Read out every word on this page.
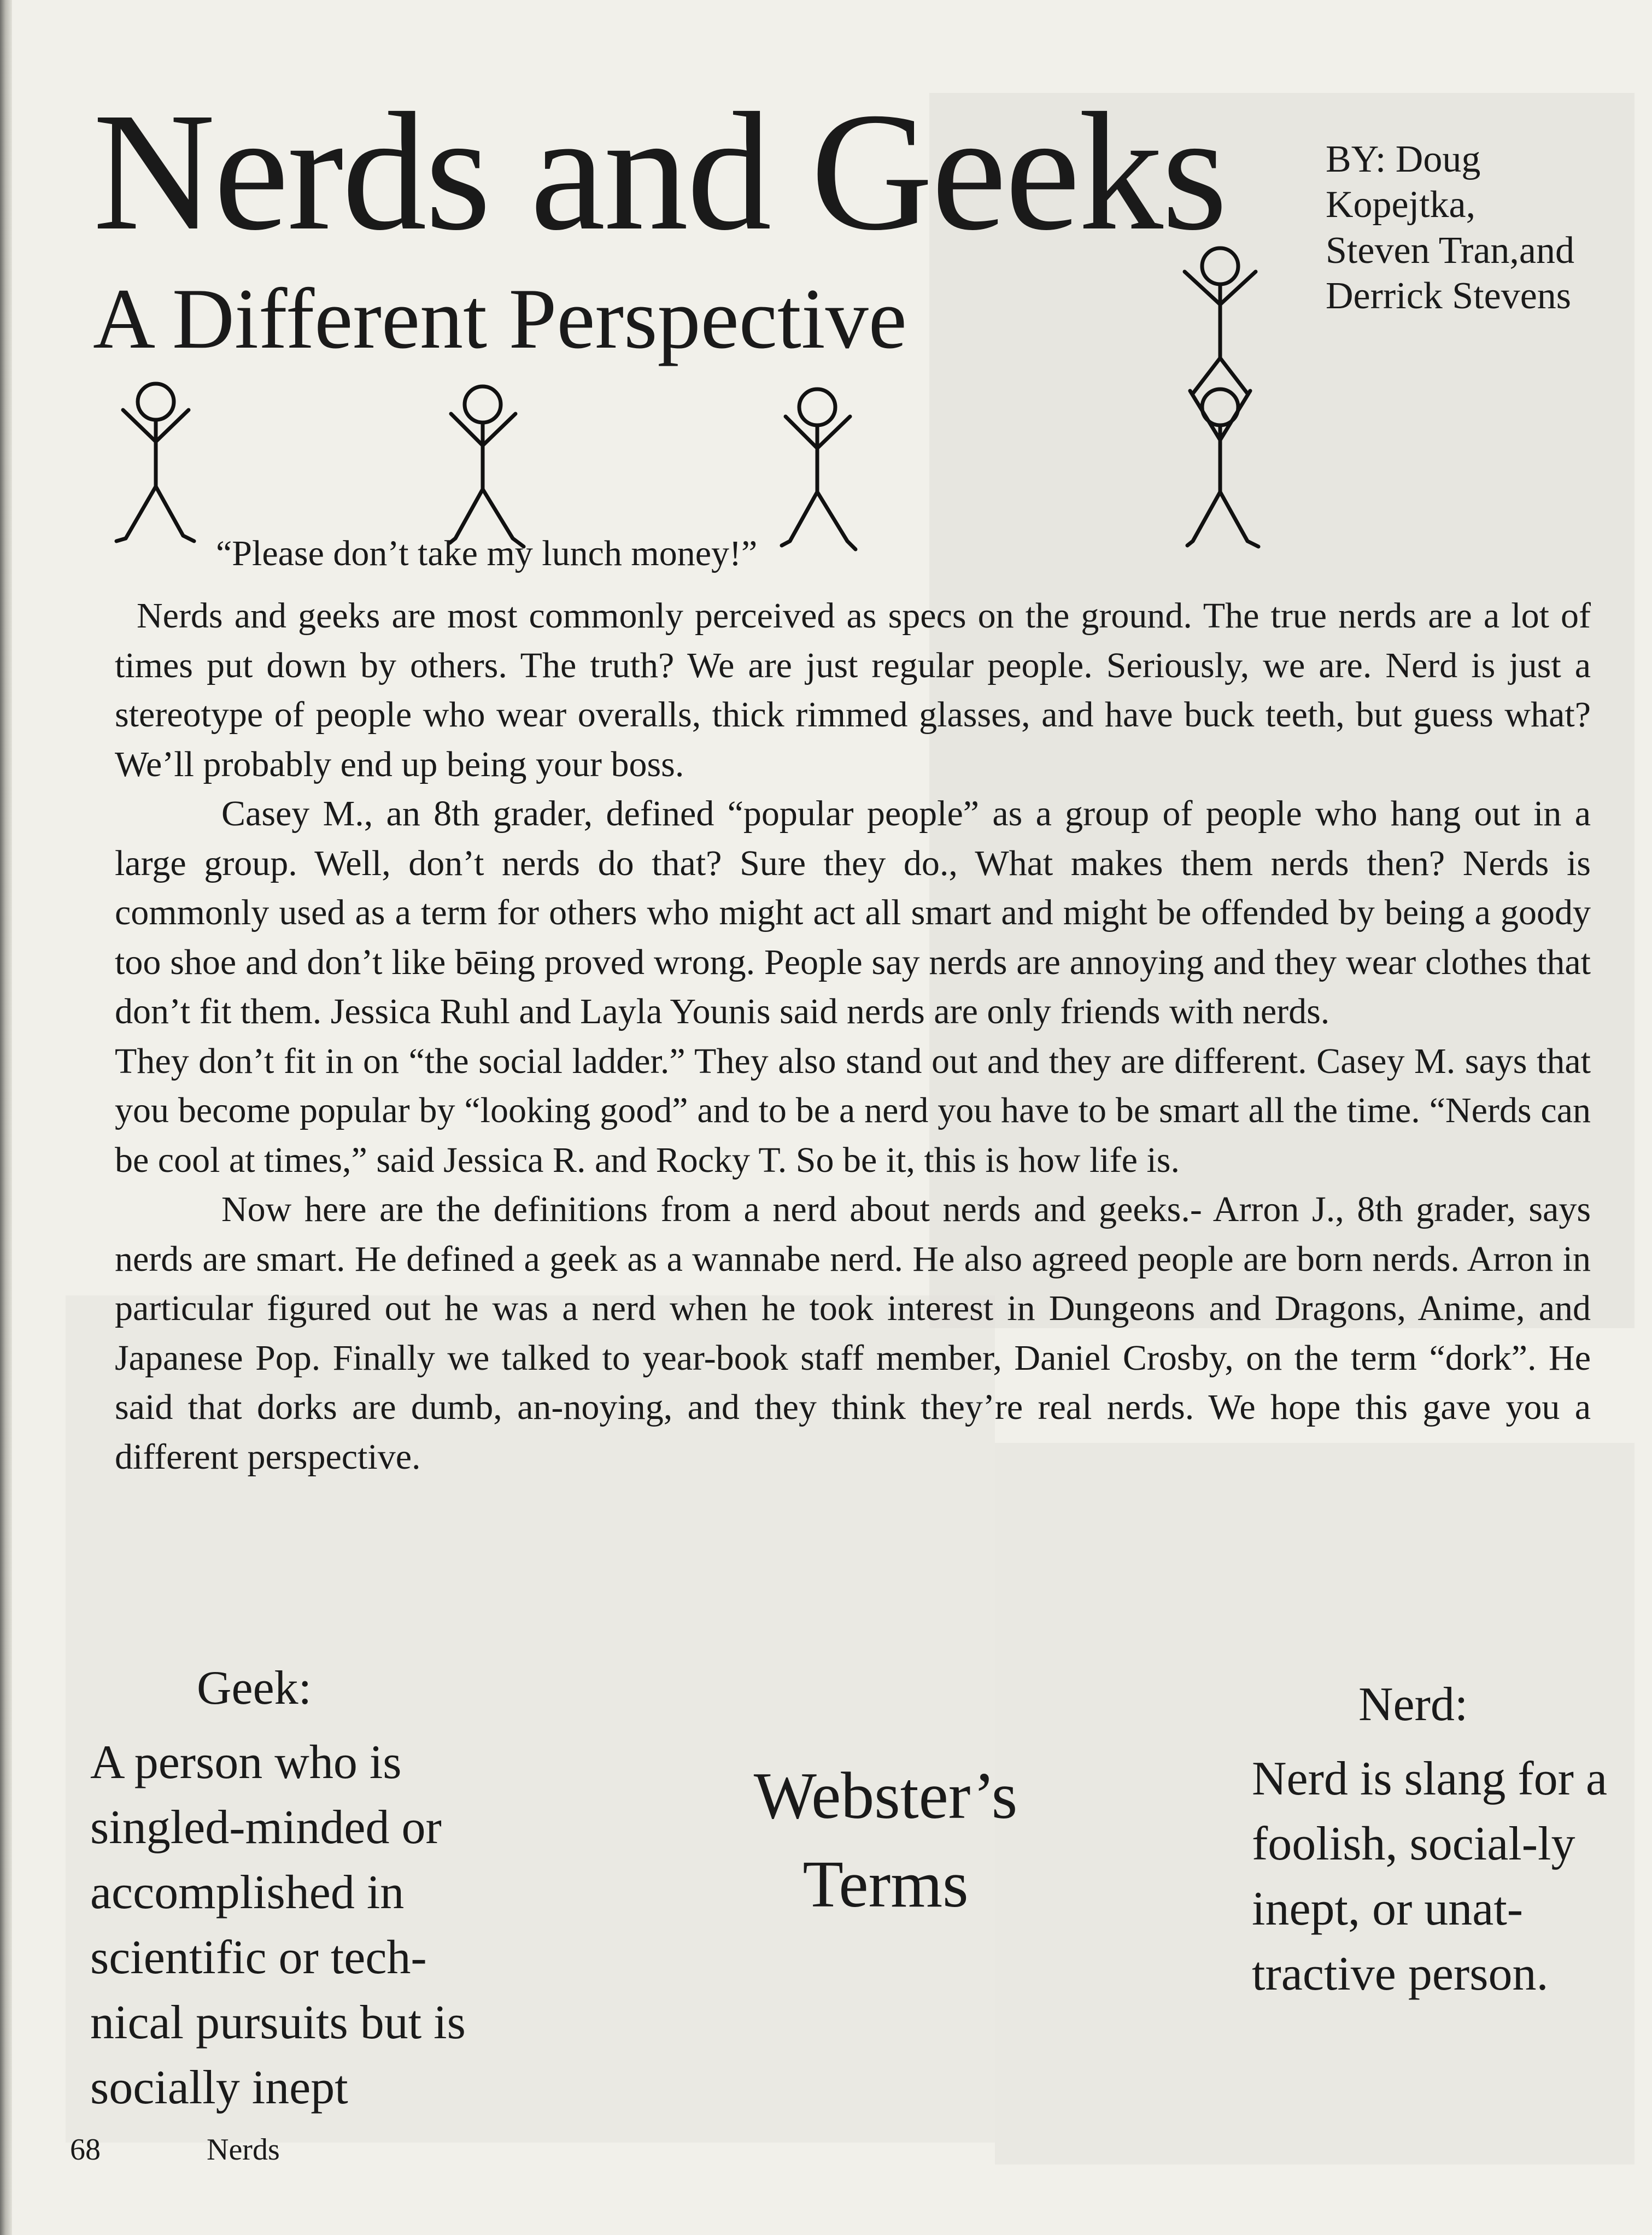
Nerds and Geeks
A Different Perspective
BY: Doug
Kopejtka,
Steven Tran,and
Derrick Stevens
“Please don’t take my lunch money!”

Nerds and geeks are most commonly perceived as specs on the ground. The true nerds are a lot of times put down by others. The truth? We are just regular people. Seriously, we are. Nerd is just a stereotype of people who wear overalls, thick rimmed glasses, and have buck teeth, but guess what? We’ll probably end up being your boss.

Casey M., an 8th grader, defined “popular people” as a group of people who hang out in a large group. Well, don’t nerds do that? Sure they do., What makes them nerds then? Nerds is commonly used as a term for others who might act all smart and might be offended by being a goody too shoe and don’t like bēing proved wrong. People say nerds are annoying and they wear clothes that don’t fit them. Jessica Ruhl and Layla Younis said nerds are only friends with nerds.

They don’t fit in on “the social ladder.” They also stand out and they are different. Casey M. says that you become popular by “looking good” and to be a nerd you have to be smart all the time. “Nerds can be cool at times,” said Jessica R. and Rocky T. So be it, this is how life is.

Now here are the definitions from a nerd about nerds and geeks.- Arron J., 8th grader, says nerds are smart. He defined a geek as a wannabe nerd. He also agreed people are born nerds. Arron in particular figured out he was a nerd when he took interest in Dungeons and Dragons, Anime, and Japanese Pop. Finally we talked to year-book staff member, Daniel Crosby, on the term “dork”. He said that dorks are dumb, an-noying, and they think they’re real nerds. We hope this gave you a different perspective.

Geek:
A person who is singled-minded or accomplished in scientific or tech-nical pursuits but is socially inept
Webster’s Terms
Nerd:
Nerd is slang for a foolish, social-ly inept, or unat-tractive person.
68	Nerds
